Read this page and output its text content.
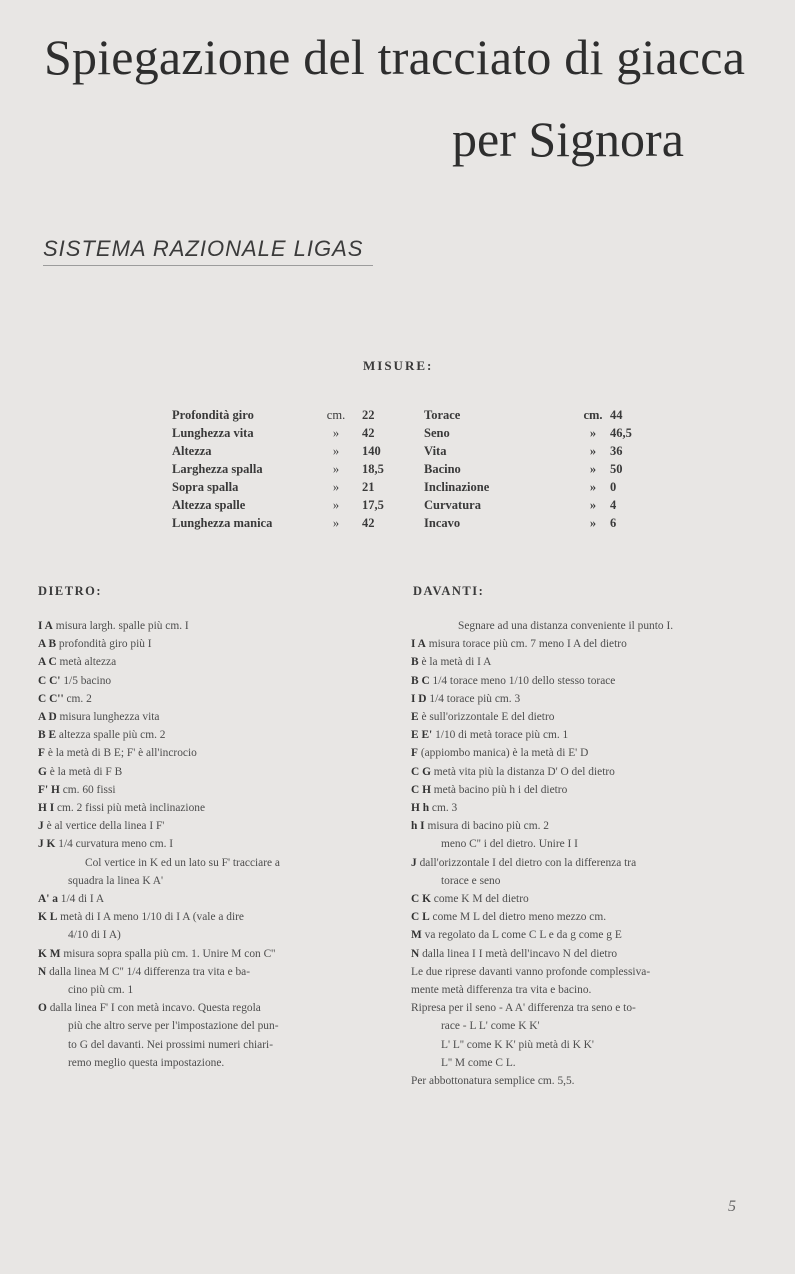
Spiegazione del tracciato di giacca
per Signora
SISTEMA RAZIONALE LIGAS
MISURE:
Profondità giro	cm.	22	Torace	cm.	44
Lunghezza vita	»	42	Seno	»	46,5
Altezza	»	140	Vita	»	36
Larghezza spalla	»	18,5	Bacino	»	50
Sopra spalla	»	21	Inclinazione	»	0
Altezza spalle	»	17,5	Curvatura	»	4
Lunghezza manica	»	42	Incavo	»	6
DIETRO:
I A misura largh. spalle più cm. I
A B profondità giro più I
A C metà altezza
C C' 1/5 bacino
C C'' cm. 2
A D misura lunghezza vita
B E altezza spalle più cm. 2
F è la metà di B E; F' è all'incrocio
G è la metà di F B
F' H cm. 60 fissi
H I cm. 2 fissi più metà inclinazione
J è al vertice della linea I F'
J K 1/4 curvatura meno cm. I
Col vertice in K ed un lato su F' tracciare a
squadra la linea K A'
A' a 1/4 di I A
K L metà di I A meno 1/10 di I A (vale a dire
4/10 di I A)
K M misura sopra spalla più cm. 1. Unire M con C''
N dalla linea M C'' 1/4 differenza tra vita e ba-
cino più cm. 1
O dalla linea F' I con metà incavo. Questa regola
più che altro serve per l'impostazione del pun-
to G del davanti. Nei prossimi numeri chiari-
remo meglio questa impostazione.
DAVANTI:
Segnare ad una distanza conveniente il punto I.
I A misura torace più cm. 7 meno I A del dietro
B è la metà di I A
B C 1/4 torace meno 1/10 dello stesso torace
I D 1/4 torace più cm. 3
E è sull'orizzontale E del dietro
E E' 1/10 di metà torace più cm. 1
F (appiombo manica) è la metà di E' D
C G metà vita più la distanza D' O del dietro
C H metà bacino più h i del dietro
H h cm. 3
h I misura di bacino più cm. 2
meno C'' i del dietro. Unire I I
J dall'orizzontale I del dietro con la differenza tra
torace e seno
C K come K M del dietro
C L come M L del dietro meno mezzo cm.
M va regolato da L come C L e da g come g E
N dalla linea I I metà dell'incavo N del dietro
Le due riprese davanti vanno profonde complessiva-
mente metà differenza tra vita e bacino.
Ripresa per il seno - A A' differenza tra seno e to-
race - L L' come K K'
L' L'' come K K' più metà di K K'
L'' M come C L.
Per abbottonatura semplice cm. 5,5.
5
